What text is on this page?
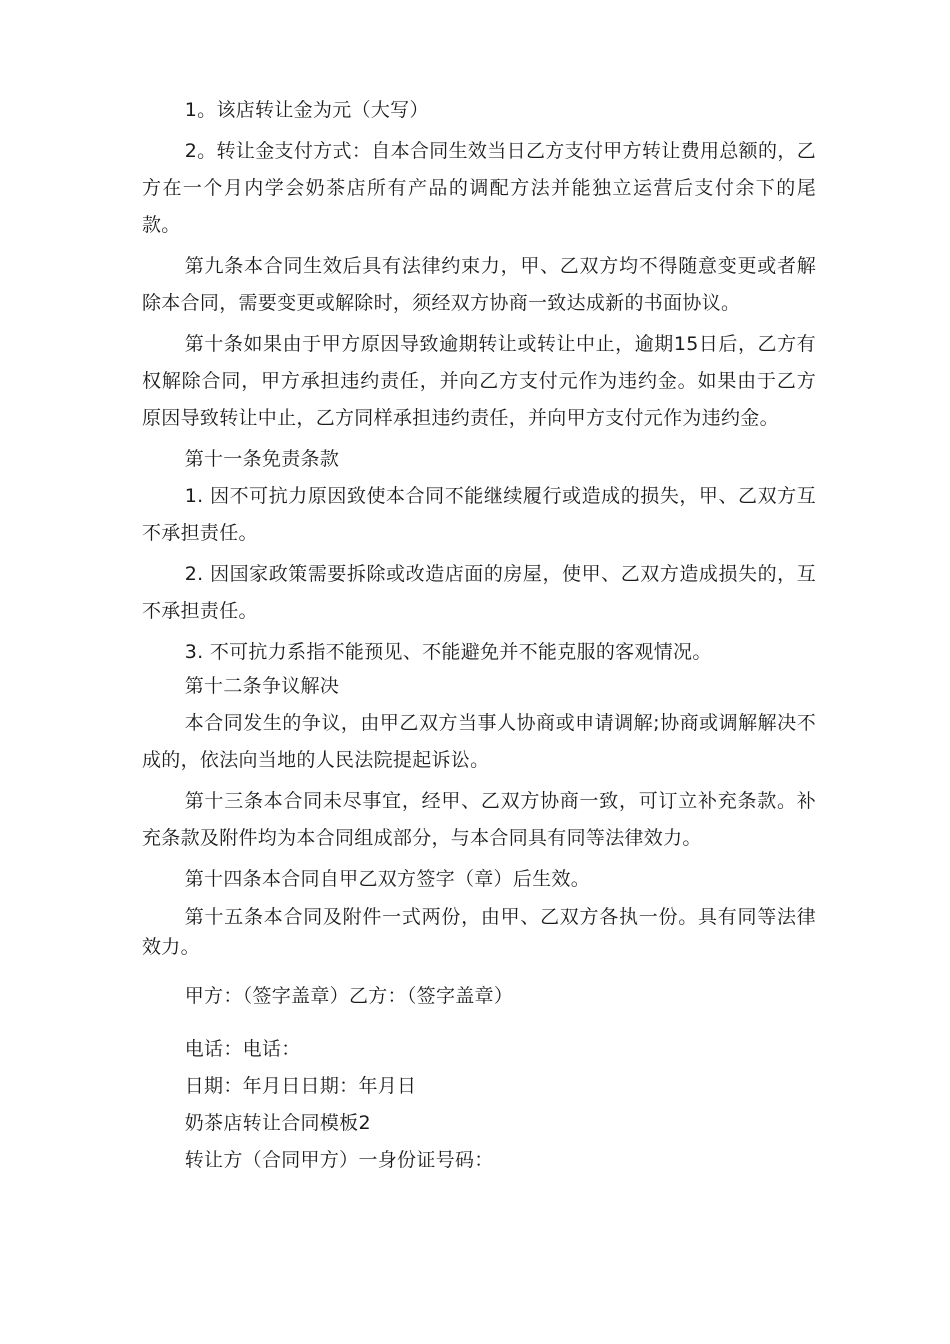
1。该店转让金为元（大写）

2。转让金支付方式：自本合同生效当日乙方支付甲方转让费用总额的，乙方在一个月内学会奶茶店所有产品的调配方法并能独立运营后支付余下的尾款。

第九条本合同生效后具有法律约束力，甲、乙双方均不得随意变更或者解除本合同，需要变更或解除时，须经双方协商一致达成新的书面协议。

第十条如果由于甲方原因导致逾期转让或转让中止，逾期15日后，乙方有权解除合同，甲方承担违约责任，并向乙方支付元作为违约金。如果由于乙方原因导致转让中止，乙方同样承担违约责任，并向甲方支付元作为违约金。

第十一条免责条款

1. 因不可抗力原因致使本合同不能继续履行或造成的损失，甲、乙双方互不承担责任。

2. 因国家政策需要拆除或改造店面的房屋，使甲、乙双方造成损失的，互不承担责任。

3. 不可抗力系指不能预见、不能避免并不能克服的客观情况。

第十二条争议解决

本合同发生的争议，由甲乙双方当事人协商或申请调解;协商或调解解决不成的，依法向当地的人民法院提起诉讼。

第十三条本合同未尽事宜，经甲、乙双方协商一致，可订立补充条款。补充条款及附件均为本合同组成部分，与本合同具有同等法律效力。

第十四条本合同自甲乙双方签字（章）后生效。

第十五条本合同及附件一式两份，由甲、乙双方各执一份。具有同等法律效力。

甲方：（签字盖章）乙方：（签字盖章）

电话：电话：

日期：年月日日期：年月日

奶茶店转让合同模板2

转让方（合同甲方）一身份证号码：
